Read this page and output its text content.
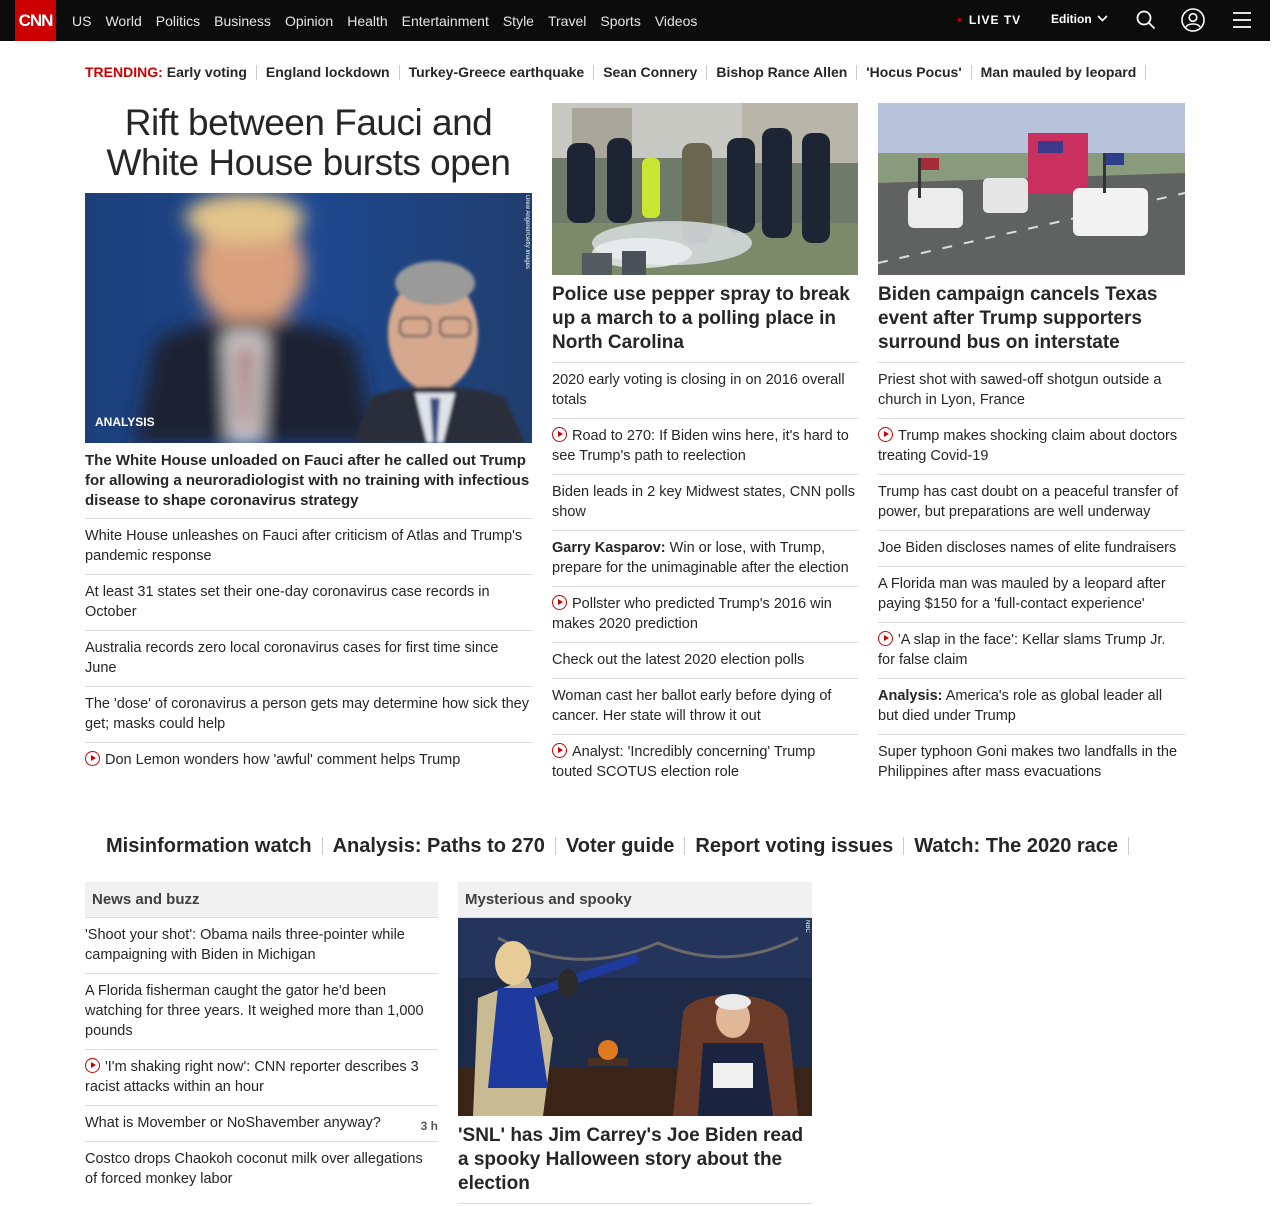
CNN US World Politics Business Opinion Health Entertainment Style Travel Sports Videos	● LIVE TV Edition
TRENDING: Early voting	England lockdown	Turkey-Greece earthquake	Sean Connery	Bishop Rance Allen	'Hocus Pocus'	Man mauled by leopard
Rift between Fauci and White House bursts open
Drew Angerer/Getty Images
ANALYSIS
The White House unloaded on Fauci after he called out Trump for allowing a neuroradiologist with no training with infectious disease to shape coronavirus strategy
White House unleashes on Fauci after criticism of Atlas and Trump's pandemic response
At least 31 states set their one-day coronavirus case records in October
Australia records zero local coronavirus cases for first time since June
The 'dose' of coronavirus a person gets may determine how sick they get; masks could help
Don Lemon wonders how 'awful' comment helps Trump
Police use pepper spray to break up a march to a polling place in North Carolina
2020 early voting is closing in on 2016 overall totals
Road to 270: If Biden wins here, it's hard to see Trump's path to reelection
Biden leads in 2 key Midwest states, CNN polls show
Garry Kasparov: Win or lose, with Trump, prepare for the unimaginable after the election
Pollster who predicted Trump's 2016 win makes 2020 prediction
Check out the latest 2020 election polls
Woman cast her ballot early before dying of cancer. Her state will throw it out
Analyst: 'Incredibly concerning' Trump touted SCOTUS election role
Biden campaign cancels Texas event after Trump supporters surround bus on interstate
Priest shot with sawed-off shotgun outside a church in Lyon, France
Trump makes shocking claim about doctors treating Covid-19
Trump has cast doubt on a peaceful transfer of power, but preparations are well underway
Joe Biden discloses names of elite fundraisers
A Florida man was mauled by a leopard after paying $150 for a 'full-contact experience'
'A slap in the face': Kellar slams Trump Jr. for false claim
Analysis: America's role as global leader all but died under Trump
Super typhoon Goni makes two landfalls in the Philippines after mass evacuations
Misinformation watch	Analysis: Paths to 270	Voter guide	Report voting issues	Watch: The 2020 race
News and buzz
'Shoot your shot': Obama nails three-pointer while campaigning with Biden in Michigan
A Florida fisherman caught the gator he'd been watching for three years. It weighed more than 1,000 pounds
'I'm shaking right now': CNN reporter describes 3 racist attacks within an hour
What is Movember or NoShavember anyway?	3 h
Costco drops Chaokoh coconut milk over allegations of forced monkey labor
Mysterious and spooky
NBC
'SNL' has Jim Carrey's Joe Biden read a spooky Halloween story about the election
